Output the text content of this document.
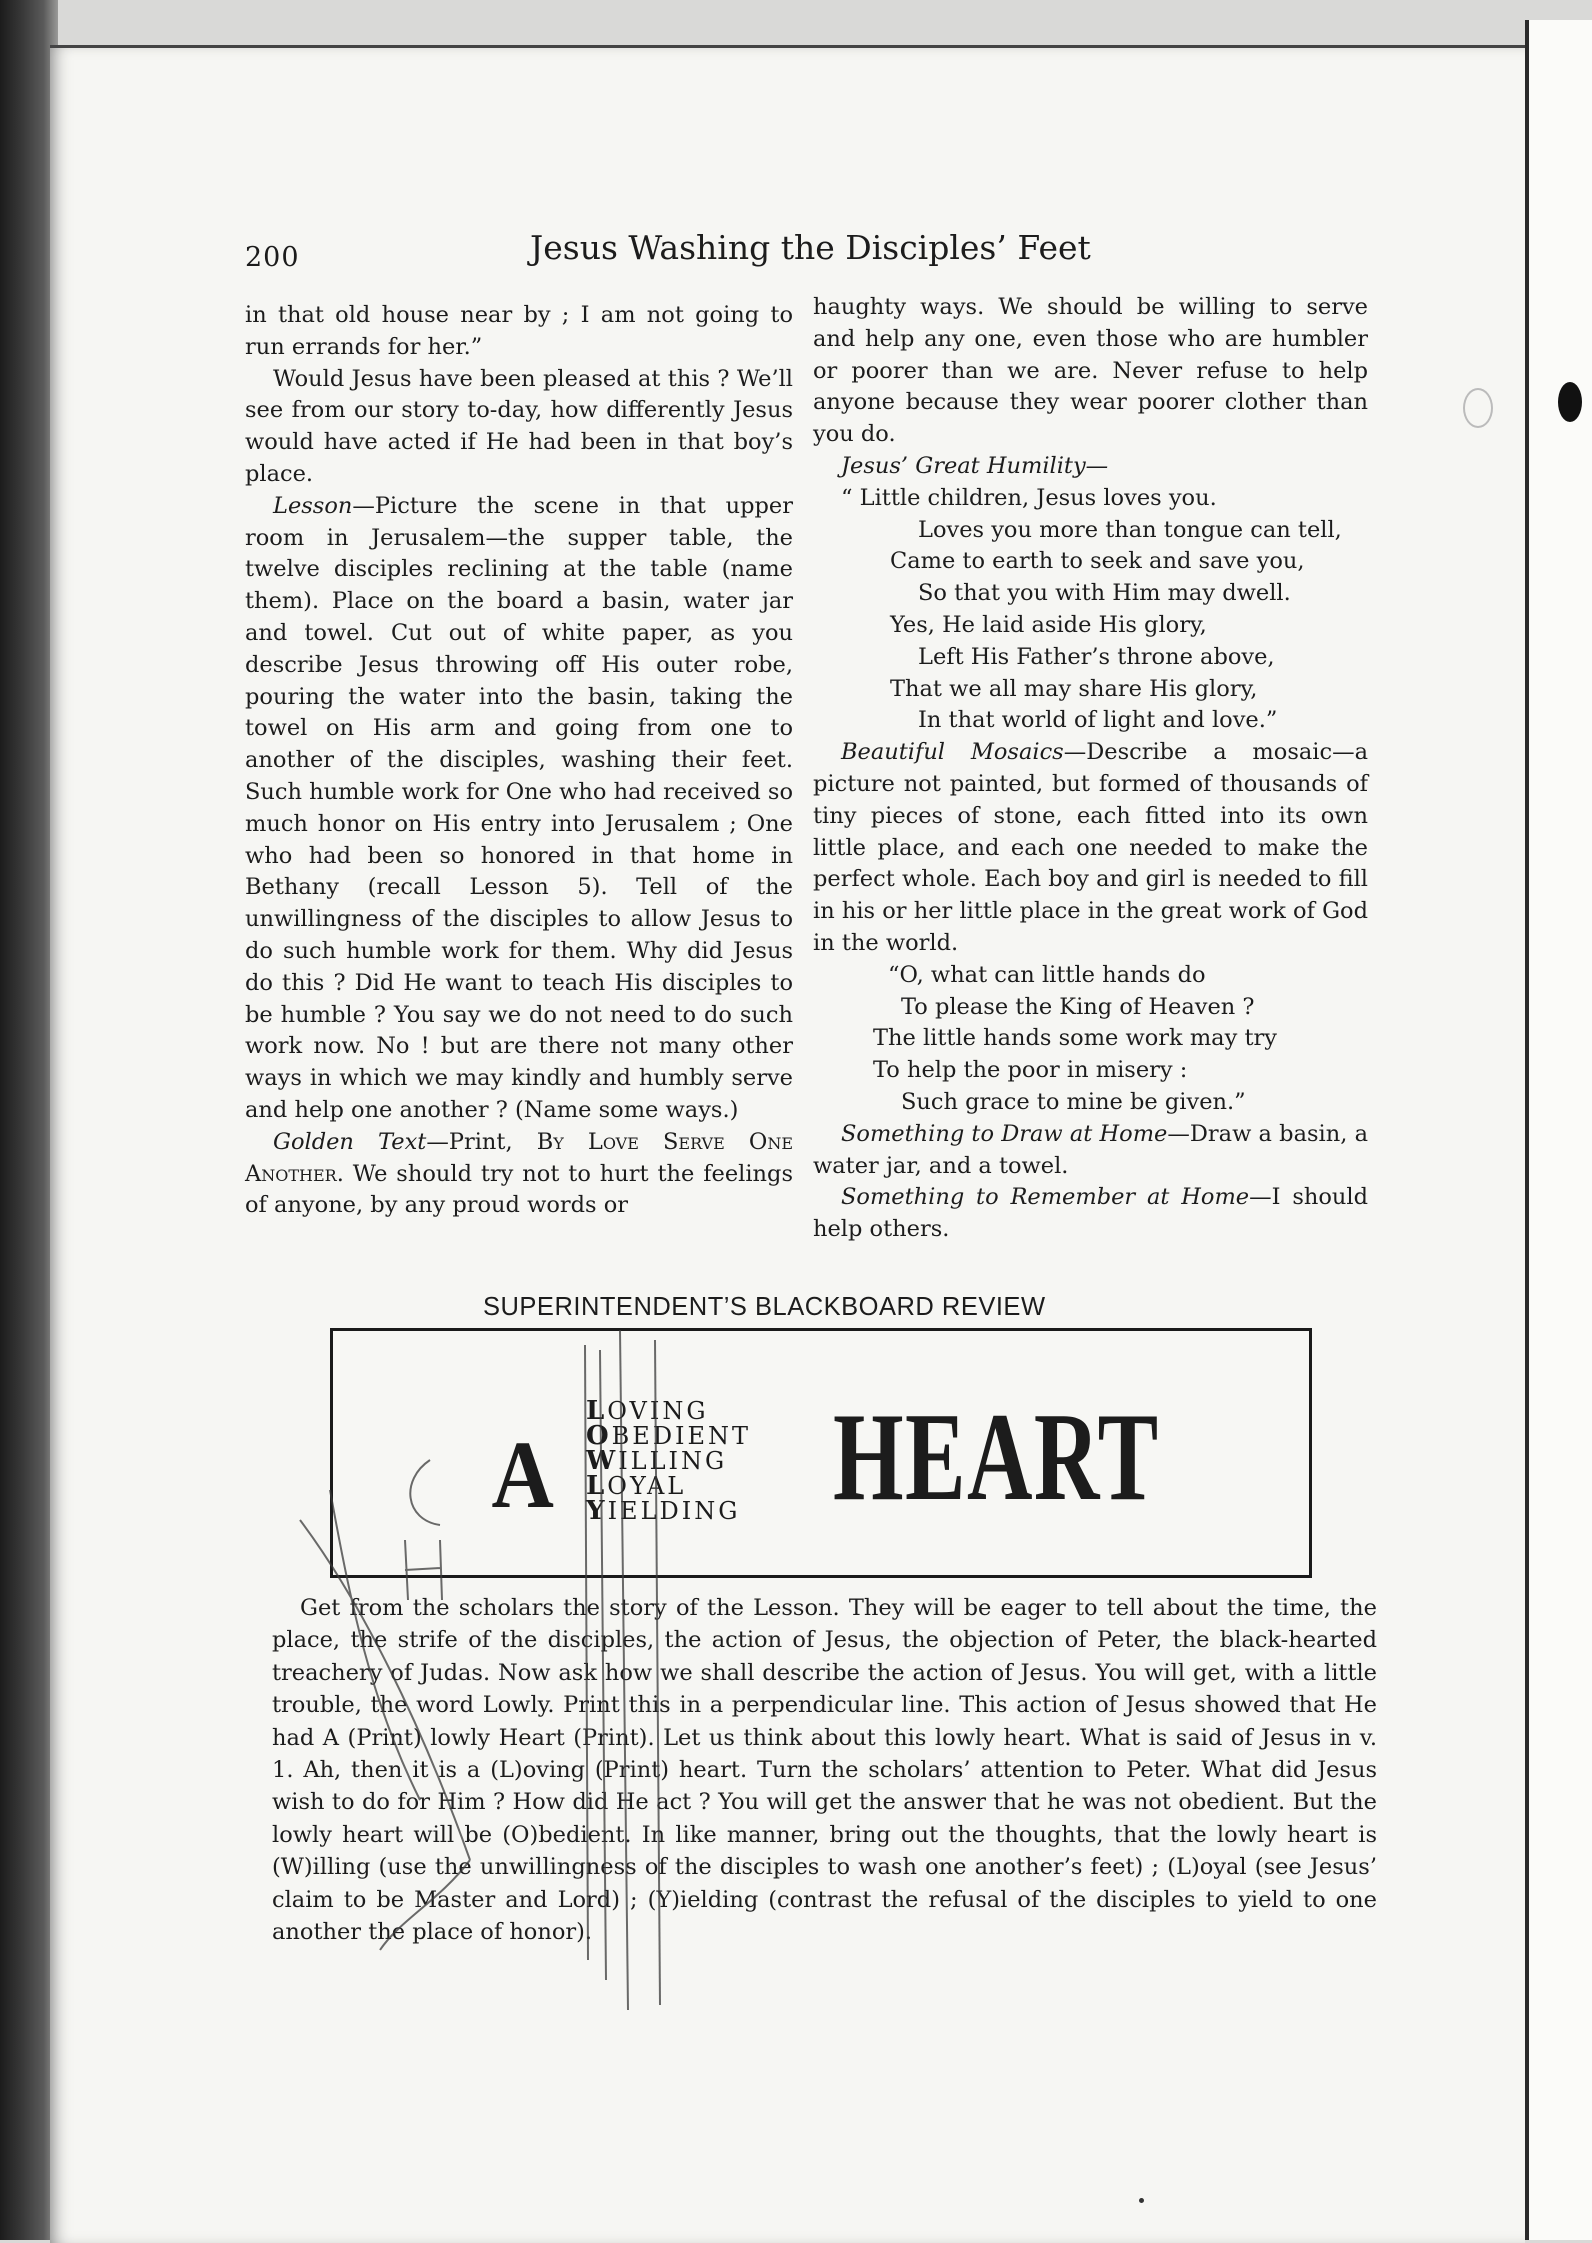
200	Jesus Washing the Disciples’ Feet

in that old house near by ; I am not going to run errands for her.”

Would Jesus have been pleased at this ? We’ll see from our story to-day, how differently Jesus would have acted if He had been in that boy’s place.

Lesson—Picture the scene in that upper room in Jerusalem—the supper table, the twelve disciples reclining at the table (name them). Place on the board a basin, water jar and towel. Cut out of white paper, as you describe Jesus throwing off His outer robe, pouring the water into the basin, taking the towel on His arm and going from one to another of the disciples, washing their feet. Such humble work for One who had received so much honor on His entry into Jerusalem ; One who had been so honored in that home in Bethany (recall Lesson 5). Tell of the unwillingness of the disciples to allow Jesus to do such humble work for them. Why did Jesus do this ? Did He want to teach His disciples to be humble ? You say we do not need to do such work now. No ! but are there not many other ways in which we may kindly and humbly serve and help one another ? (Name some ways.)

Golden Text—Print, By Love Serve One Another. We should try not to hurt the feelings of anyone, by any proud words or

haughty ways. We should be willing to serve and help any one, even those who are humbler or poorer than we are. Never refuse to help anyone because they wear poorer clother than you do.

Jesus’ Great Humility—

“ Little children, Jesus loves you.
Loves you more than tongue can tell,
Came to earth to seek and save you,
So that you with Him may dwell.
Yes, He laid aside His glory,
Left His Father’s throne above,
That we all may share His glory,
In that world of light and love.”

Beautiful Mosaics—Describe a mosaic—a picture not painted, but formed of thousands of tiny pieces of stone, each fitted into its own little place, and each one needed to make the perfect whole. Each boy and girl is needed to fill in his or her little place in the great work of God in the world.

“O, what can little hands do
To please the King of Heaven ?
The little hands some work may try
To help the poor in misery :
Such grace to mine be given.”

Something to Draw at Home—Draw a basin, a water jar, and a towel.

Something to Remember at Home—I should help others.

SUPERINTENDENT’S BLACKBOARD REVIEW
A
LOVING
OBEDIENT
WILLING
LOYAL
YIELDING HEART

Get from the scholars the story of the Lesson. They will be eager to tell about the time, the place, the strife of the disciples, the action of Jesus, the objection of Peter, the black-hearted treachery of Judas. Now ask how we shall describe the action of Jesus. You will get, with a little trouble, the word Lowly. Print this in a perpendicular line. This action of Jesus showed that He had A (Print) lowly Heart (Print). Let us think about this lowly heart. What is said of Jesus in v. 1. Ah, then it is a (L)oving (Print) heart. Turn the scholars’ attention to Peter. What did Jesus wish to do for Him ? How did He act ? You will get the answer that he was not obedient. But the lowly heart will be (O)bedient. In like manner, bring out the thoughts, that the lowly heart is (W)illing (use the unwillingness of the disciples to wash one another’s feet) ; (L)oyal (see Jesus’ claim to be Master and Lord) ; (Y)ielding (contrast the refusal of the disciples to yield to one another the place of honor).
